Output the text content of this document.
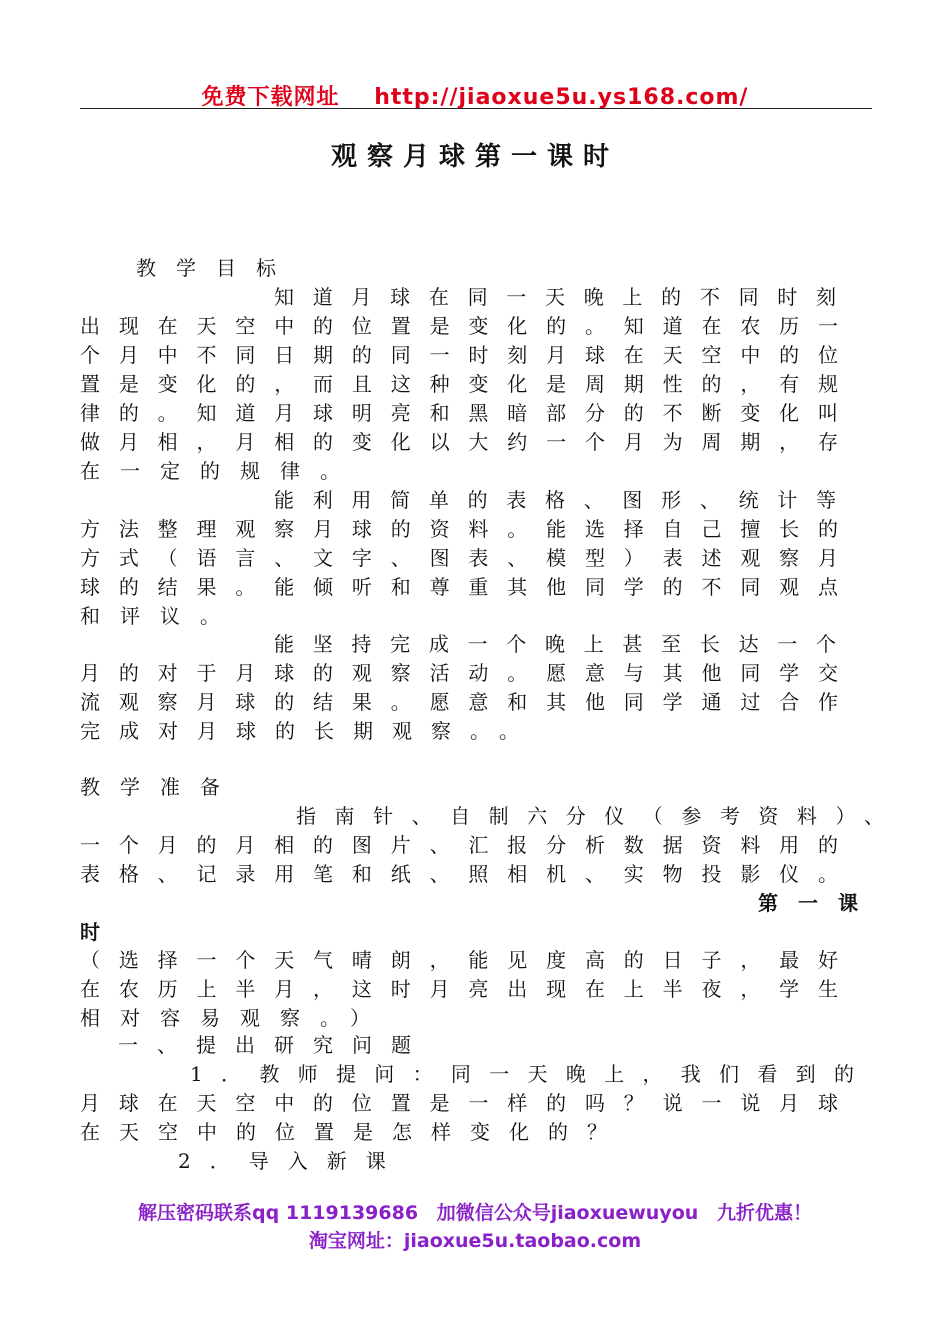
免费下载网址 http://jiaoxue5u.ys168.com/
观察月球第一课时
教学目标
知道月球在同一天晚上的不同时刻
出现在天空中的位置是变化的。知道在农历一
个月中不同日期的同一时刻月球在天空中的位
置是变化的，而且这种变化是周期性的，有规
律的。知道月球明亮和黑暗部分的不断变化叫
做月相，月相的变化以大约一个月为周期，存
在一定的规律。
能利用简单的表格、图形、统计等
方法整理观察月球的资料。能选择自己擅长的
方式（语言、文字、图表、模型）表述观察月
球的结果。能倾听和尊重其他同学的不同观点
和评议。
能坚持完成一个晚上甚至长达一个
月的对于月球的观察活动。愿意与其他同学交
流观察月球的结果。愿意和其他同学通过合作
完成对月球的长期观察。。
教学准备
指南针、自制六分仪（参考资料）、
一个月的月相的图片、汇报分析数据资料用的
表格、记录用笔和纸、照相机、实物投影仪。
第一课
时
（选择一个天气晴朗，能见度高的日子，最好
在农历上半月，这时月亮出现在上半夜，学生
相对容易观察。）
一、提出研究问题
1．教师提问：同一天晚上，我们看到的
月球在天空中的位置是一样的吗？说一说月球
在天空中的位置是怎样变化的？
2．导入新课
解压密码联系qq 1119139686 加微信公众号jiaoxuewuyou 九折优惠！
淘宝网址：jiaoxue5u.taobao.com
